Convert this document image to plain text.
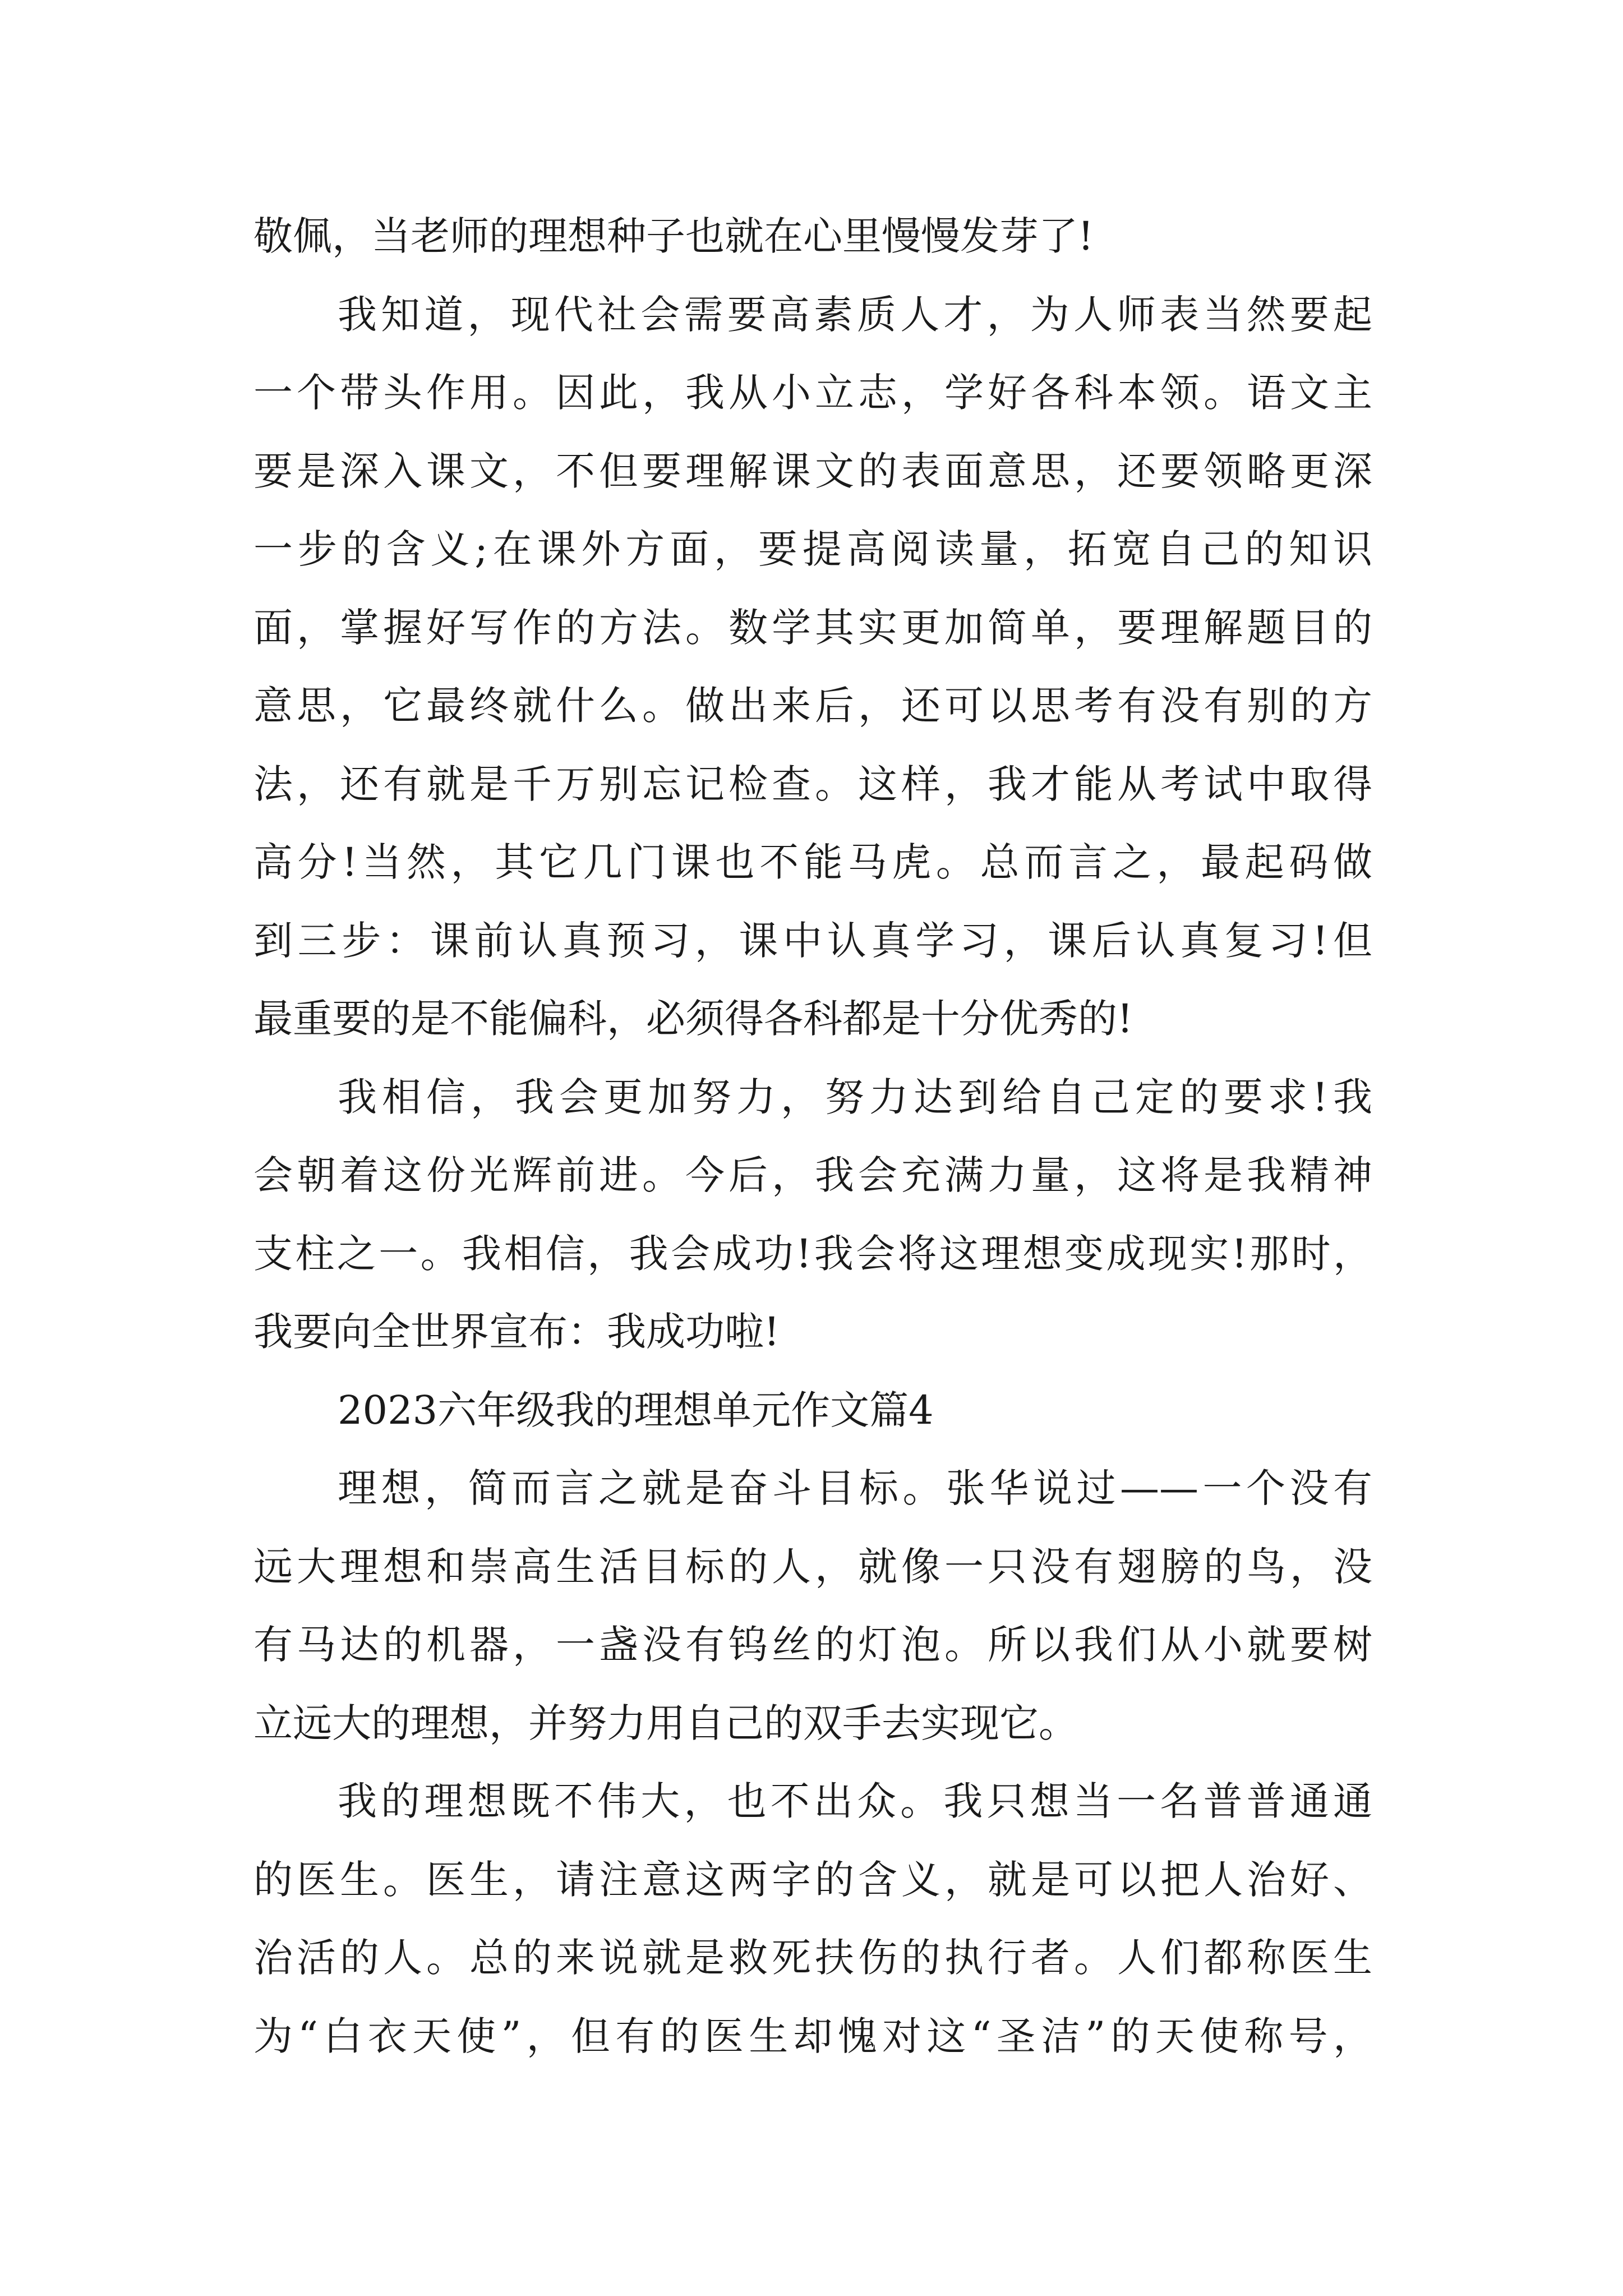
敬佩，当老师的理想种子也就在心里慢慢发芽了!
我知道，现代社会需要高素质人才，为人师表当然要起
一个带头作用。因此，我从小立志，学好各科本领。语文主
要是深入课文，不但要理解课文的表面意思，还要领略更深
一步的含义;在课外方面，要提高阅读量，拓宽自己的知识
面，掌握好写作的方法。数学其实更加简单，要理解题目的
意思，它最终就什么。做出来后，还可以思考有没有别的方
法，还有就是千万别忘记检查。这样，我才能从考试中取得
高分!当然，其它几门课也不能马虎。总而言之，最起码做
到三步：课前认真预习，课中认真学习，课后认真复习!但
最重要的是不能偏科，必须得各科都是十分优秀的!
我相信，我会更加努力，努力达到给自己定的要求!我
会朝着这份光辉前进。今后，我会充满力量，这将是我精神
支柱之一。我相信，我会成功!我会将这理想变成现实!那时，
我要向全世界宣布：我成功啦!
2023六年级我的理想单元作文篇4
理想，简而言之就是奋斗目标。张华说过——一个没有
远大理想和崇高生活目标的人，就像一只没有翅膀的鸟，没
有马达的机器，一盏没有钨丝的灯泡。所以我们从小就要树
立远大的理想，并努力用自己的双手去实现它。
我的理想既不伟大，也不出众。我只想当一名普普通通
的医生。医生，请注意这两字的含义，就是可以把人治好、
治活的人。总的来说就是救死扶伤的执行者。人们都称医生
为“白衣天使”，但有的医生却愧对这“圣洁”的天使称号，
